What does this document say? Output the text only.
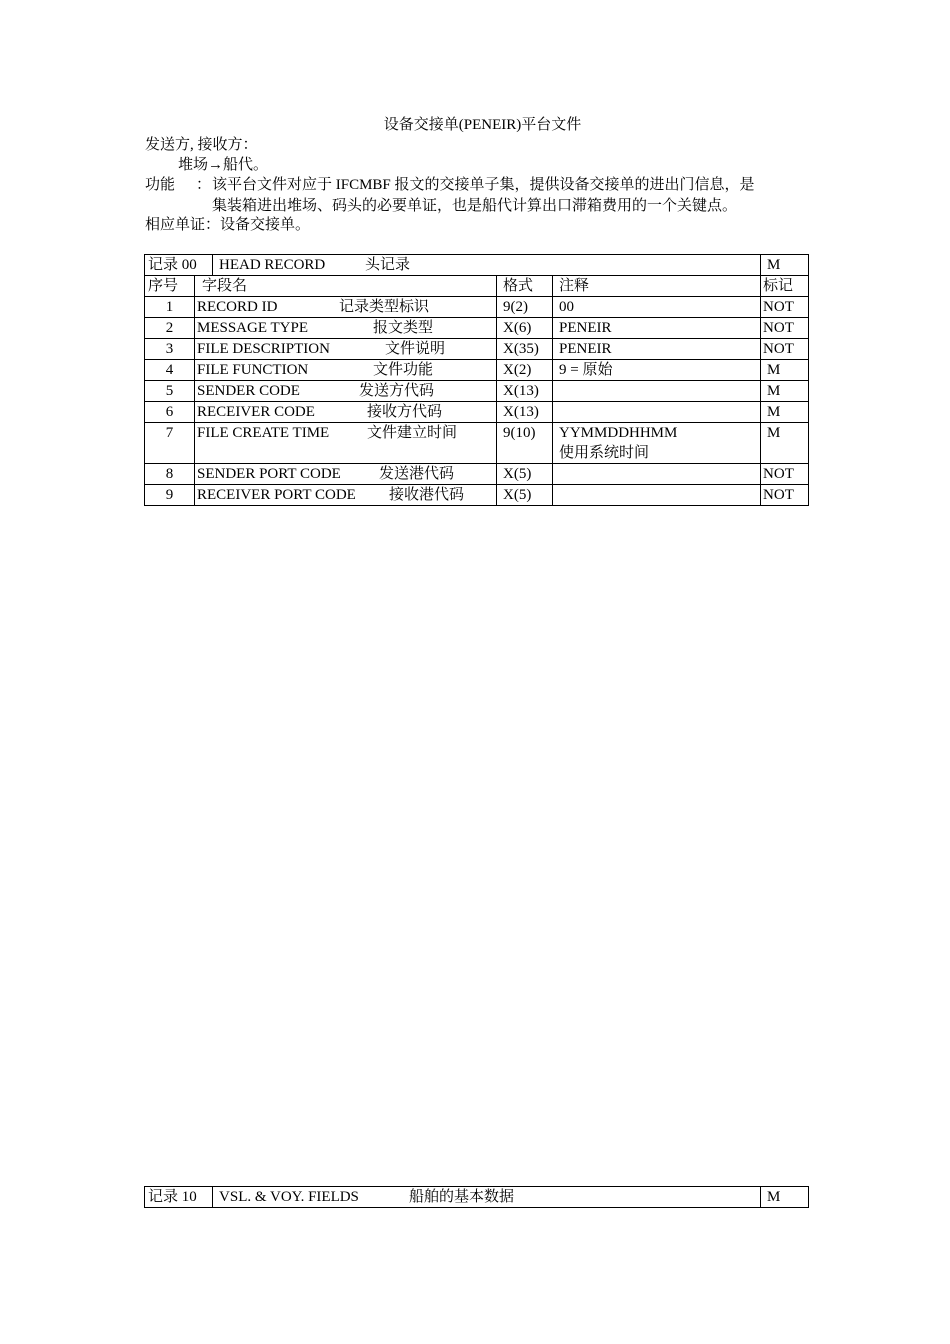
设备交接单(PENEIR)平台文件
发送方, 接收方：
堆场→船代。
功能 ： 该平台文件对应于 IFCMBF 报文的交接单子集，提供设备交接单的进出门信息，是
集装箱进出堆场、码头的必要单证，也是船代计算出口滞箱费用的一个关键点。
相应单证：设备交接单。
记录 00		HEAD RECORD 头记录			M
序号	字段名		格式	注释	标记
1	RECORD ID 记录类型标识		9(2)	00	NOT
2	MESSAGE TYPE 报文类型		X(6)	PENEIR	NOT
3	FILE DESCRIPTION 文件说明		X(35)	PENEIR	NOT
4	FILE FUNCTION 文件功能		X(2)	9 = 原始	M
5	SENDER CODE 发送方代码		X(13)		M
6	RECEIVER CODE 接收方代码		X(13)		M
7	FILE CREATE TIME 文件建立时间		9(10)	YYMMDDHHMM
使用系统时间	M
8	SENDER PORT CODE 发送港代码		X(5)		NOT
9	RECEIVER PORT CODE 接收港代码		X(5)		NOT
记录 10	VSL. & VOY. FIELDS	船舶的基本数据	M
